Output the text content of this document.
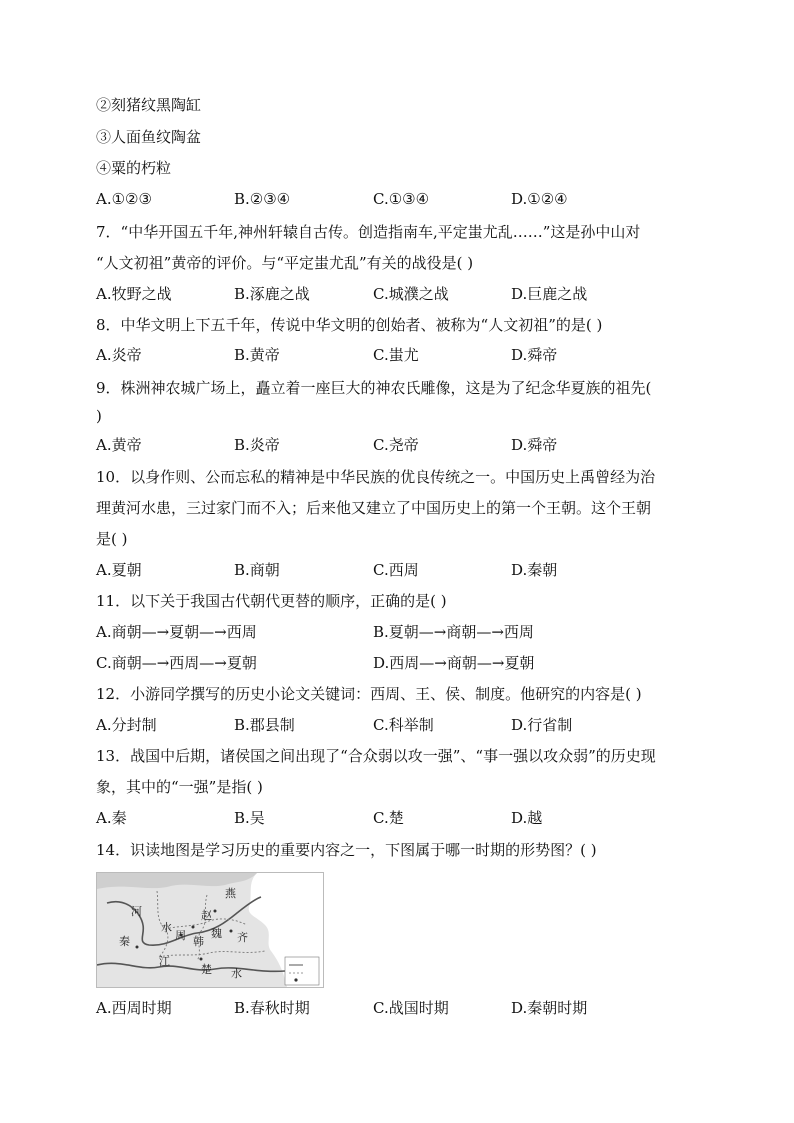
②刻猪纹黑陶缸
③人面鱼纹陶盆
④粟的朽粒
A.①②③	B.②③④	C.①③④	D.①②④
7．“中华开国五千年,神州轩辕自古传。创造指南车,平定蚩尤乱……”这是孙中山对
“人文初祖”黄帝的评价。与“平定蚩尤乱”有关的战役是( )
A.牧野之战	B.涿鹿之战	C.城濮之战	D.巨鹿之战
8．中华文明上下五千年，传说中华文明的创始者、被称为“人文初祖”的是( )
A.炎帝	B.黄帝	C.蚩尤	D.舜帝
9．株洲神农城广场上，矗立着一座巨大的神农氏雕像，这是为了纪念华夏族的祖先(
)
A.黄帝	B.炎帝	C.尧帝	D.舜帝
10．以身作则、公而忘私的精神是中华民族的优良传统之一。中国历史上禹曾经为治
理黄河水患，三过家门而不入；后来他又建立了中国历史上的第一个王朝。这个王朝
是( )
A.夏朝	B.商朝	C.西周	D.秦朝
11．以下关于我国古代朝代更替的顺序，正确的是( )
A.商朝—→夏朝—→西周	B.夏朝—→商朝—→西周
C.商朝—→西周—→夏朝	D.西周—→商朝—→夏朝
12．小游同学撰写的历史小论文关键词：西周、王、侯、制度。他研究的内容是( )
A.分封制	B.郡县制	C.科举制	D.行省制
13．战国中后期，诸侯国之间出现了“合众弱以攻一强”、“事一强以攻众弱”的历史现
象，其中的“一强”是指( )
A.秦	B.吴	C.楚	D.越
14．识读地图是学习历史的重要内容之一，下图属于哪一时期的形势图？( )
燕
赵
齐
魏
韩
周
秦
楚
河
水
江
水
A.西周时期	B.春秋时期	C.战国时期	D.秦朝时期
